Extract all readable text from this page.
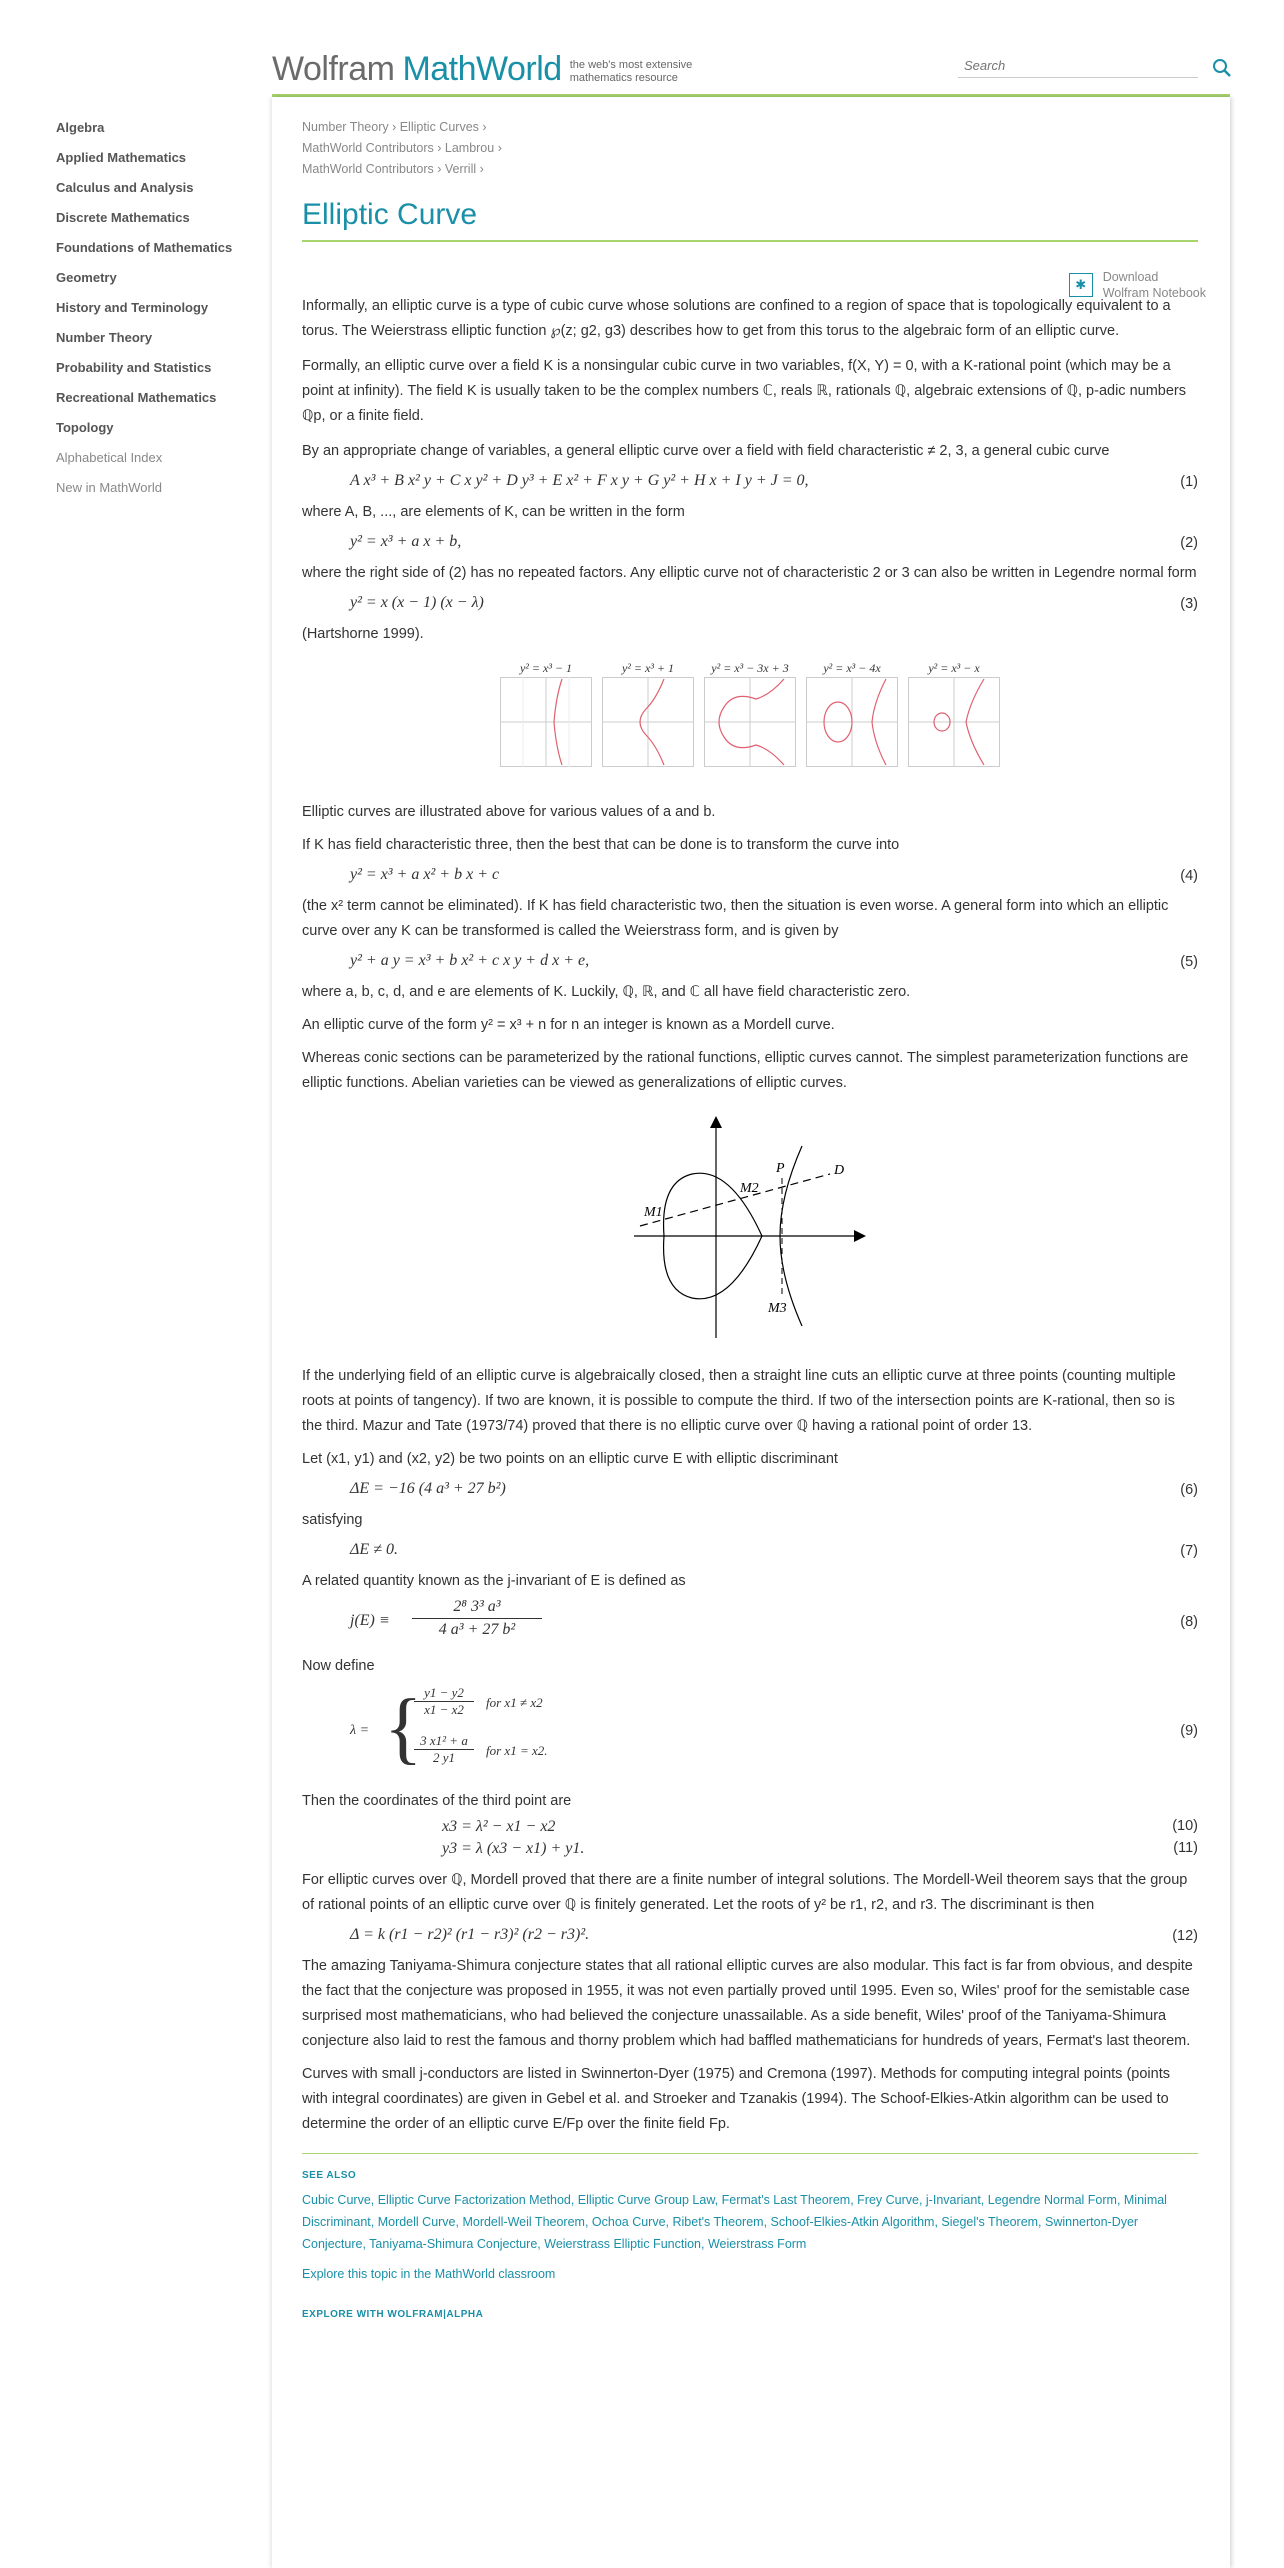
Wolfram MathWorld the web's most extensive mathematics resource
Search
Algebra
Applied Mathematics
Calculus and Analysis
Discrete Mathematics
Foundations of Mathematics
Geometry
History and Terminology
Number Theory
Probability and Statistics
Recreational Mathematics
Topology
Alphabetical Index
New in MathWorld
Number Theory › Elliptic Curves ›
MathWorld Contributors › Lambrou ›
MathWorld Contributors › Verrill ›
Elliptic Curve
✱	Download
Wolfram Notebook

Informally, an elliptic curve is a type of cubic curve whose solutions are confined to a region of space that is topologically equivalent to a torus. The Weierstrass elliptic function ℘(z; g2, g3) describes how to get from this torus to the algebraic form of an elliptic curve.

Formally, an elliptic curve over a field K is a nonsingular cubic curve in two variables, f(X, Y) = 0, with a K-rational point (which may be a point at infinity). The field K is usually taken to be the complex numbers ℂ, reals ℝ, rationals ℚ, algebraic extensions of ℚ, p-adic numbers ℚp, or a finite field.

By an appropriate change of variables, a general elliptic curve over a field with field characteristic ≠ 2, 3, a general cubic curve

A x³ + B x² y + C x y² + D y³ + E x² + F x y + G y² + H x + I y + J = 0,	(1)

where A, B, ..., are elements of K, can be written in the form

y² = x³ + a x + b,	(2)

where the right side of (2) has no repeated factors. Any elliptic curve not of characteristic 2 or 3 can also be written in Legendre normal form

y² = x (x − 1) (x − λ)	(3)

(Hartshorne 1999).

y² = x³ − 1	y² = x³ + 1	y² = x³ − 3x + 3	y² = x³ − 4x	y² = x³ − x

Elliptic curves are illustrated above for various values of a and b.

If K has field characteristic three, then the best that can be done is to transform the curve into

y² = x³ + a x² + b x + c	(4)

(the x² term cannot be eliminated). If K has field characteristic two, then the situation is even worse. A general form into which an elliptic curve over any K can be transformed is called the Weierstrass form, and is given by

y² + a y = x³ + b x² + c x y + d x + e,	(5)

where a, b, c, d, and e are elements of K. Luckily, ℚ, ℝ, and ℂ all have field characteristic zero.

An elliptic curve of the form y² = x³ + n for n an integer is known as a Mordell curve.

Whereas conic sections can be parameterized by the rational functions, elliptic curves cannot. The simplest parameterization functions are elliptic functions. Abelian varieties can be viewed as generalizations of elliptic curves.

M1
M2
P	D
M3

If the underlying field of an elliptic curve is algebraically closed, then a straight line cuts an elliptic curve at three points (counting multiple roots at points of tangency). If two are known, it is possible to compute the third. If two of the intersection points are K-rational, then so is the third. Mazur and Tate (1973/74) proved that there is no elliptic curve over ℚ having a rational point of order 13.

Let (x1, y1) and (x2, y2) be two points on an elliptic curve E with elliptic discriminant

ΔE = −16 (4 a³ + 27 b²)	(6)

satisfying

ΔE ≠ 0.	(7)

A related quantity known as the j-invariant of E is defined as

j(E) ≡
2⁸ 3³ a³
4 a³ + 27 b²	(8)

Now define

λ = { y1 − y2
x1 − x2	for x1 ≠ x2
3 x1² + a
2 y1	for x1 = x2.
(9)

Then the coordinates of the third point are

x3 = λ² − x1 − x2	(10)
y3 = λ (x3 − x1) + y1.	(11)

For elliptic curves over ℚ, Mordell proved that there are a finite number of integral solutions. The Mordell-Weil theorem says that the group of rational points of an elliptic curve over ℚ is finitely generated. Let the roots of y² be r1, r2, and r3. The discriminant is then

Δ = k (r1 − r2)² (r1 − r3)² (r2 − r3)².	(12)

The amazing Taniyama-Shimura conjecture states that all rational elliptic curves are also modular. This fact is far from obvious, and despite the fact that the conjecture was proposed in 1955, it was not even partially proved until 1995. Even so, Wiles' proof for the semistable case surprised most mathematicians, who had believed the conjecture unassailable. As a side benefit, Wiles' proof of the Taniyama-Shimura conjecture also laid to rest the famous and thorny problem which had baffled mathematicians for hundreds of years, Fermat's last theorem.

Curves with small j-conductors are listed in Swinnerton-Dyer (1975) and Cremona (1997). Methods for computing integral points (points with integral coordinates) are given in Gebel et al. and Stroeker and Tzanakis (1994). The Schoof-Elkies-Atkin algorithm can be used to determine the order of an elliptic curve E/Fp over the finite field Fp.

SEE ALSO
Cubic Curve, Elliptic Curve Factorization Method, Elliptic Curve Group Law, Fermat's Last Theorem, Frey Curve, j-Invariant, Legendre Normal Form, Minimal Discriminant, Mordell Curve, Mordell-Weil Theorem, Ochoa Curve, Ribet's Theorem, Schoof-Elkies-Atkin Algorithm, Siegel's Theorem, Swinnerton-Dyer Conjecture, Taniyama-Shimura Conjecture, Weierstrass Elliptic Function, Weierstrass Form
Explore this topic in the MathWorld classroom
EXPLORE WITH WOLFRAM|ALPHA
